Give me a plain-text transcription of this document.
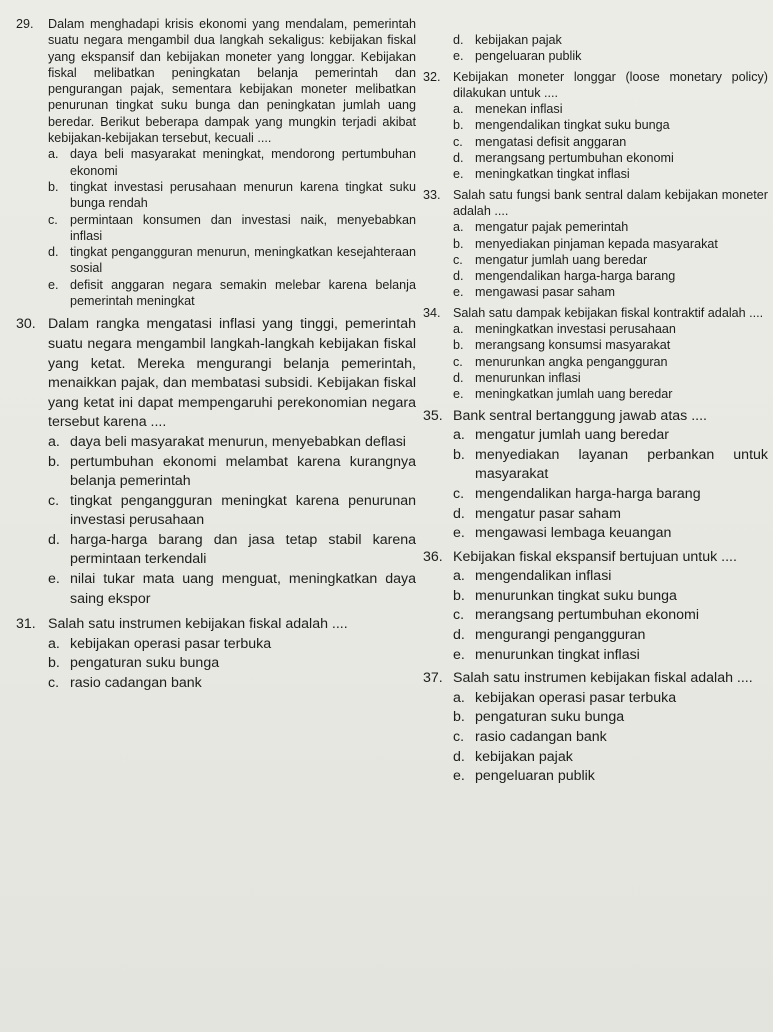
29.	Dalam menghadapi krisis ekonomi yang mendalam, pemerintah suatu negara mengambil dua langkah sekaligus: kebijakan fiskal yang ekspansif dan kebijakan moneter yang longgar. Kebijakan fiskal melibatkan peningkatan belanja pemerintah dan pengurangan pajak, sementara kebijakan moneter melibatkan penurunan tingkat suku bunga dan peningkatan jumlah uang beredar. Berikut beberapa dampak yang mungkin terjadi akibat kebijakan-kebijakan tersebut, kecuali ....
a. daya beli masyarakat meningkat, mendorong pertumbuhan ekonomi
b. tingkat investasi perusahaan menurun karena tingkat suku bunga rendah
c. permintaan konsumen dan investasi naik, menyebabkan inflasi
d. tingkat pengangguran menurun, meningkatkan kesejahteraan sosial
e. defisit anggaran negara semakin melebar karena belanja pemerintah meningkat
30. Dalam rangka mengatasi inflasi yang tinggi, pemerintah suatu negara mengambil langkah-langkah kebijakan fiskal yang ketat. Mereka mengurangi belanja pemerintah, menaikkan pajak, dan membatasi subsidi. Kebijakan fiskal yang ketat ini dapat mempengaruhi perekonomian negara tersebut karena ....
a. daya beli masyarakat menurun, menyebabkan deflasi
b. pertumbuhan ekonomi melambat karena kurangnya belanja pemerintah
c. tingkat pengangguran meningkat karena penurunan investasi perusahaan
d. harga-harga barang dan jasa tetap stabil karena permintaan terkendali
e. nilai tukar mata uang menguat, meningkatkan daya saing ekspor
31. Salah satu instrumen kebijakan fiskal adalah ....
a. kebijakan operasi pasar terbuka
b. pengaturan suku bunga
c. rasio cadangan bank
d. kebijakan pajak
e. pengeluaran publik
32. Kebijakan moneter longgar (loose monetary policy) dilakukan untuk ....
a. menekan inflasi
b. mengendalikan tingkat suku bunga
c. mengatasi defisit anggaran
d. merangsang pertumbuhan ekonomi
e. meningkatkan tingkat inflasi
33. Salah satu fungsi bank sentral dalam kebijakan moneter adalah ....
a. mengatur pajak pemerintah
b. menyediakan pinjaman kepada masyarakat
c. mengatur jumlah uang beredar
d. mengendalikan harga-harga barang
e. mengawasi pasar saham
34. Salah satu dampak kebijakan fiskal kontraktif adalah ....
a. meningkatkan investasi perusahaan
b. merangsang konsumsi masyarakat
c. menurunkan angka pengangguran
d. menurunkan inflasi
e. meningkatkan jumlah uang beredar
35. Bank sentral bertanggung jawab atas ....
a. mengatur jumlah uang beredar
b. menyediakan layanan perbankan untuk masyarakat
c. mengendalikan harga-harga barang
d. mengatur pasar saham
e. mengawasi lembaga keuangan
36. Kebijakan fiskal ekspansif bertujuan untuk ....
a. mengendalikan inflasi
b. menurunkan tingkat suku bunga
c. merangsang pertumbuhan ekonomi
d. mengurangi pengangguran
e. menurunkan tingkat inflasi
37. Salah satu instrumen kebijakan fiskal adalah ....
a. kebijakan operasi pasar terbuka
b. pengaturan suku bunga
c. rasio cadangan bank
d. kebijakan pajak
e. pengeluaran publik
